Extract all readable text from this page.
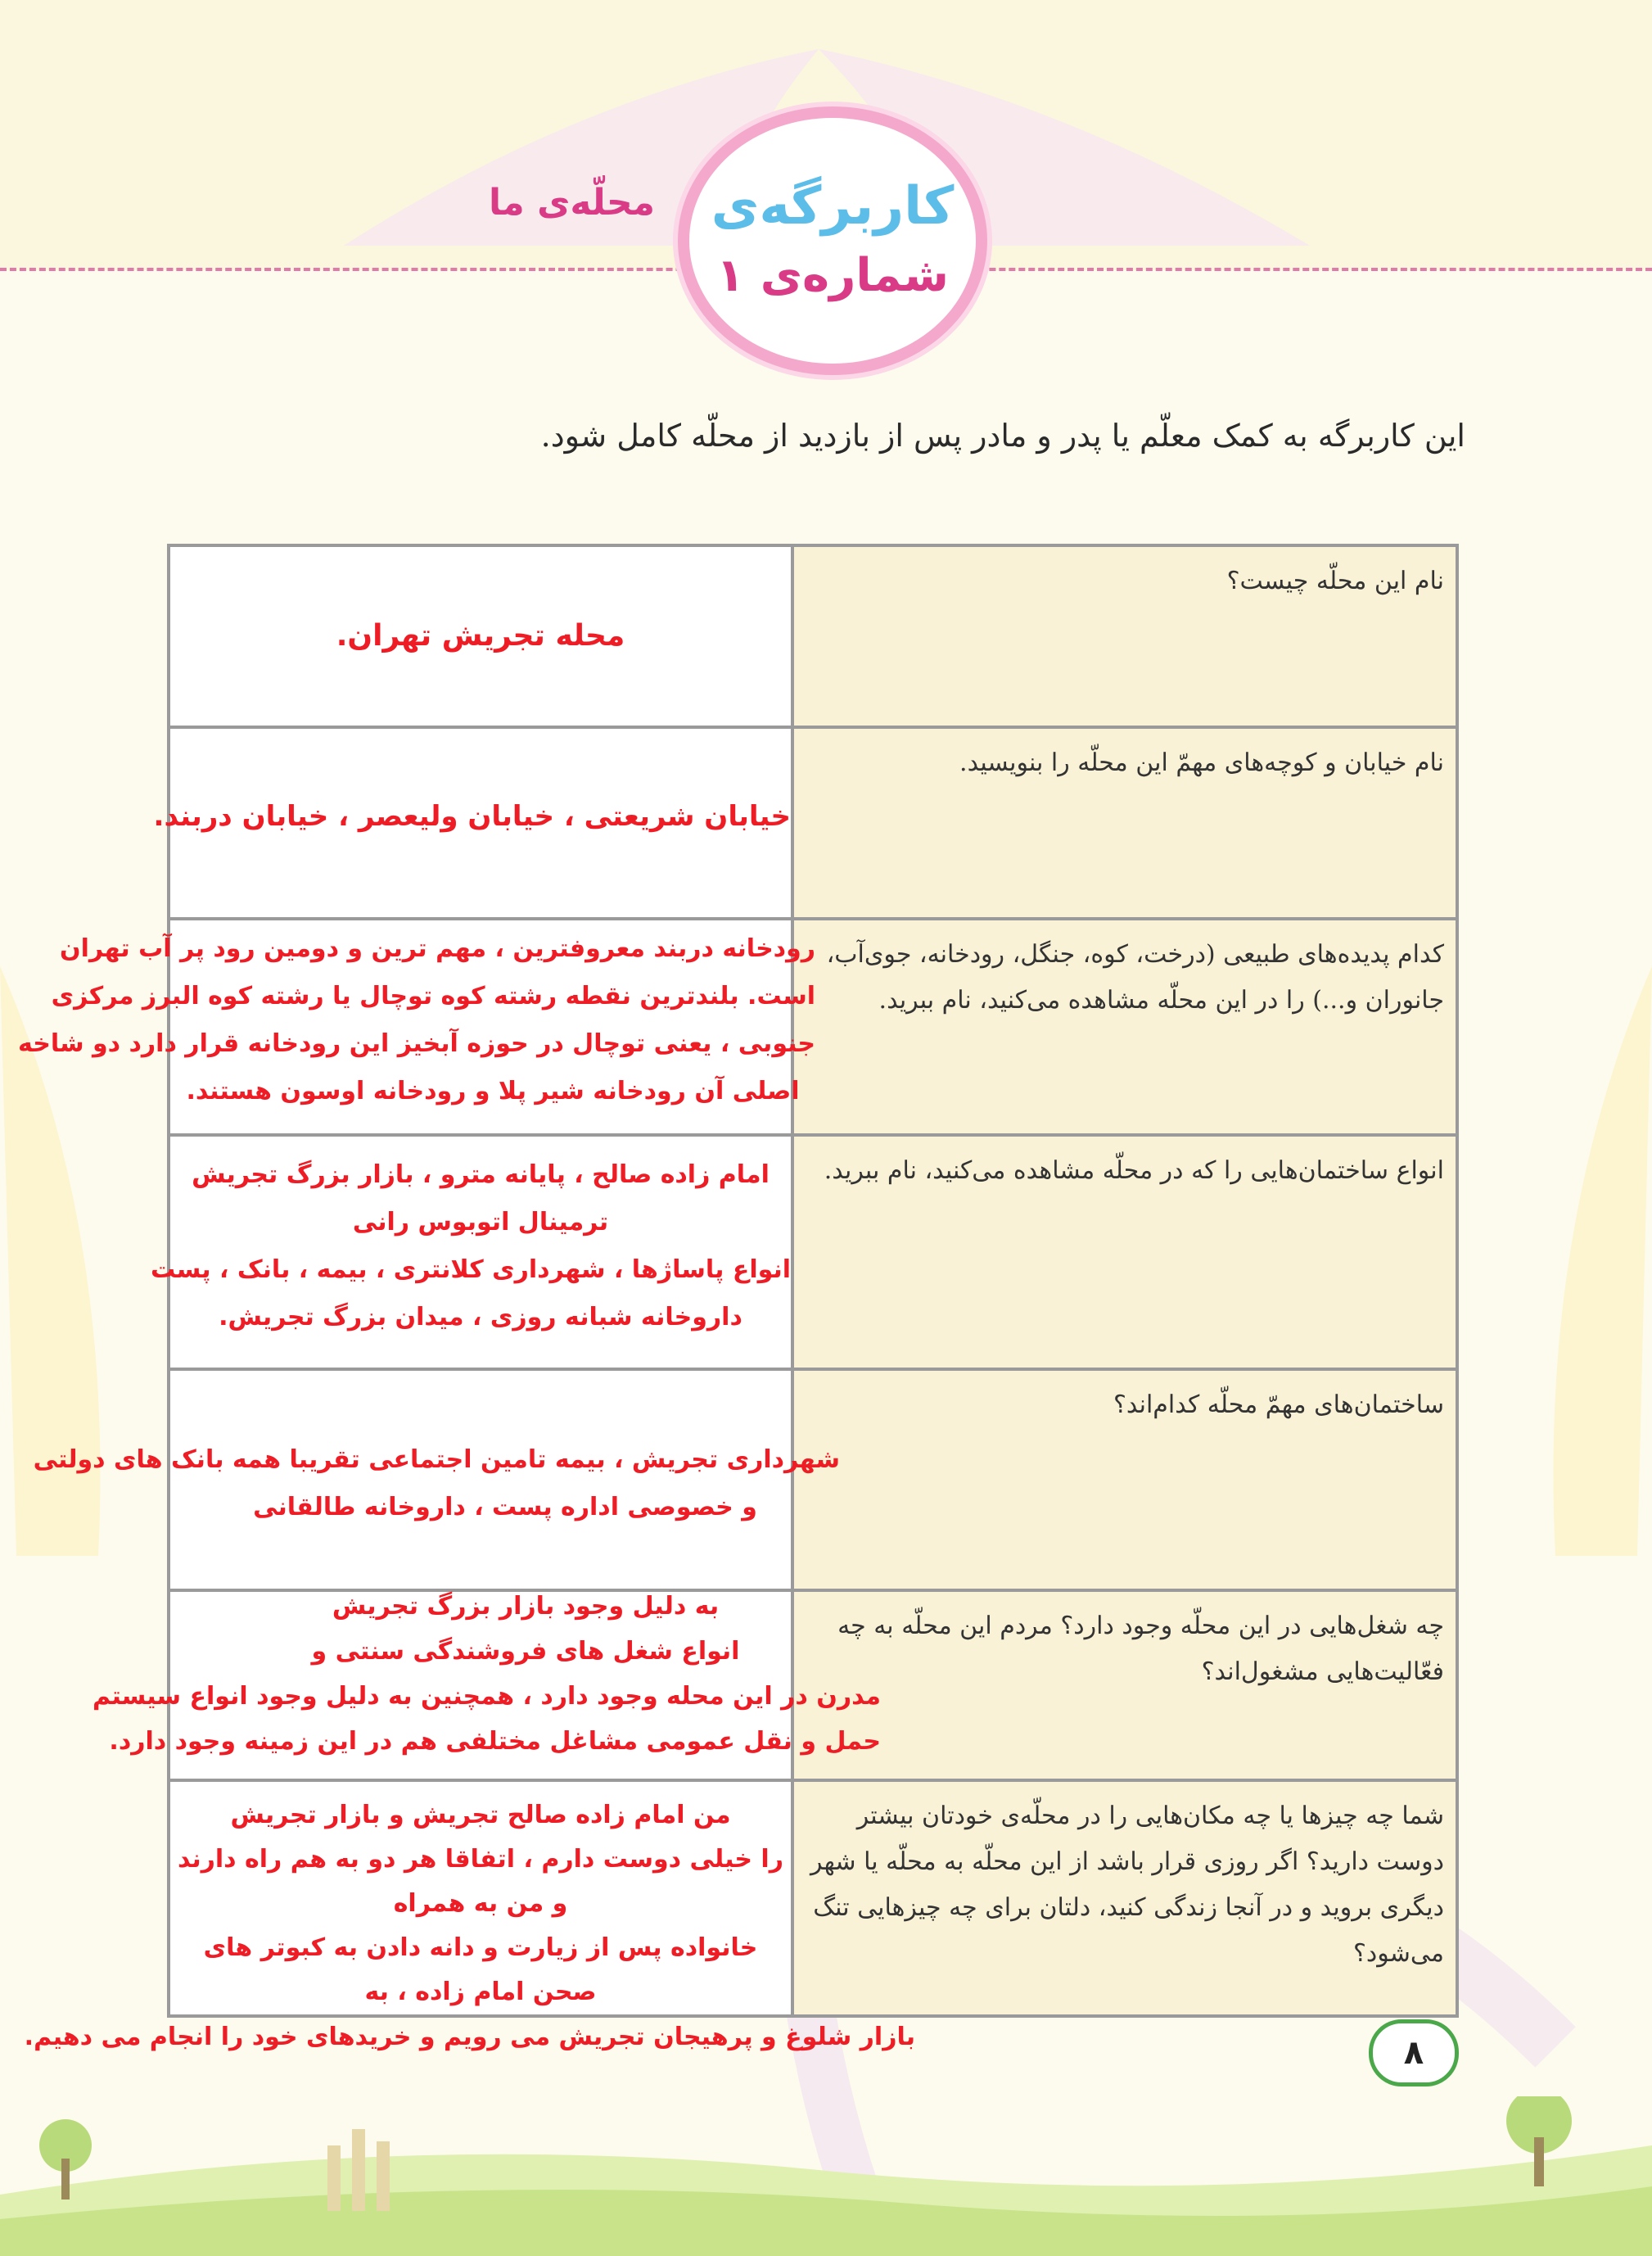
کاربرگه‌ی
شماره‌ی ۱
محلّه‌ی ما
این کاربرگه به کمک معلّم یا پدر و مادر پس از بازدید از محلّه کامل شود.
نام این محلّه چیست؟	محله تجریش تهران.

نام خیابان و کوچه‌های مهمّ این محلّه را بنویسید.	خیابان شریعتی ، خیابان ولیعصر ، خیابان دربند.

کدام پدیده‌های طبیعی (درخت، کوه، جنگل، رودخانه، جوی‌آب، جانوران و...) را در این محلّه مشاهده می‌کنید، نام ببرید.	رودخانه دربند معروفترین ، مهم ترین و دومین رود پر آب تهران
است. بلندترین نقطه رشته کوه توچال یا رشته کوه البرز مرکزی
جنوبی ، یعنی توچال در حوزه آبخیز این رودخانه قرار دارد دو شاخه
اصلی آن رودخانه شیر پلا و رودخانه اوسون هستند.

انواع ساختمان‌هایی را که در محلّه مشاهده می‌کنید، نام ببرید.	امام زاده صالح ، پایانه مترو ، بازار بزرگ تجریش
ترمینال اتوبوس رانی
انواع پاساژها ، شهرداری کلانتری ، بیمه ، بانک ، پست
داروخانه شبانه روزی ، میدان بزرگ تجریش.

ساختمان‌های مهمّ محلّه کدام‌اند؟	شهرداری تجریش ، بیمه تامین اجتماعی تقریبا همه بانک های دولتی
و خصوصی اداره پست ، داروخانه طالقانی

چه شغل‌هایی در این محلّه وجود دارد؟ مردم این محلّه به چه فعّالیت‌هایی مشغول‌اند؟	به دلیل وجود بازار بزرگ تجریش
انواع شغل های فروشندگی سنتی و
مدرن در این محله وجود دارد ، همچنین به دلیل وجود انواع سیستم
حمل و نقل عمومی مشاغل مختلفی هم در این زمینه وجود دارد.

شما چه چیزها یا چه مکان‌هایی را در محلّه‌ی خودتان بیشتر دوست دارید؟ اگر روزی قرار باشد از این محلّه به محلّه یا شهر دیگری بروید و در آنجا زندگی کنید، دلتان برای چه چیزهایی تنگ می‌شود؟	من امام زاده صالح تجریش و بازار تجریش
را خیلی دوست دارم ، اتفاقا هر دو به هم راه دارند
و من به همراه
خانواده پس از زیارت و دانه دادن به کبوتر های
صحن امام زاده ، به
بازار شلوغ و پرهیجان تجریش می رویم و خریدهای خود را انجام می دهیم.	۸
